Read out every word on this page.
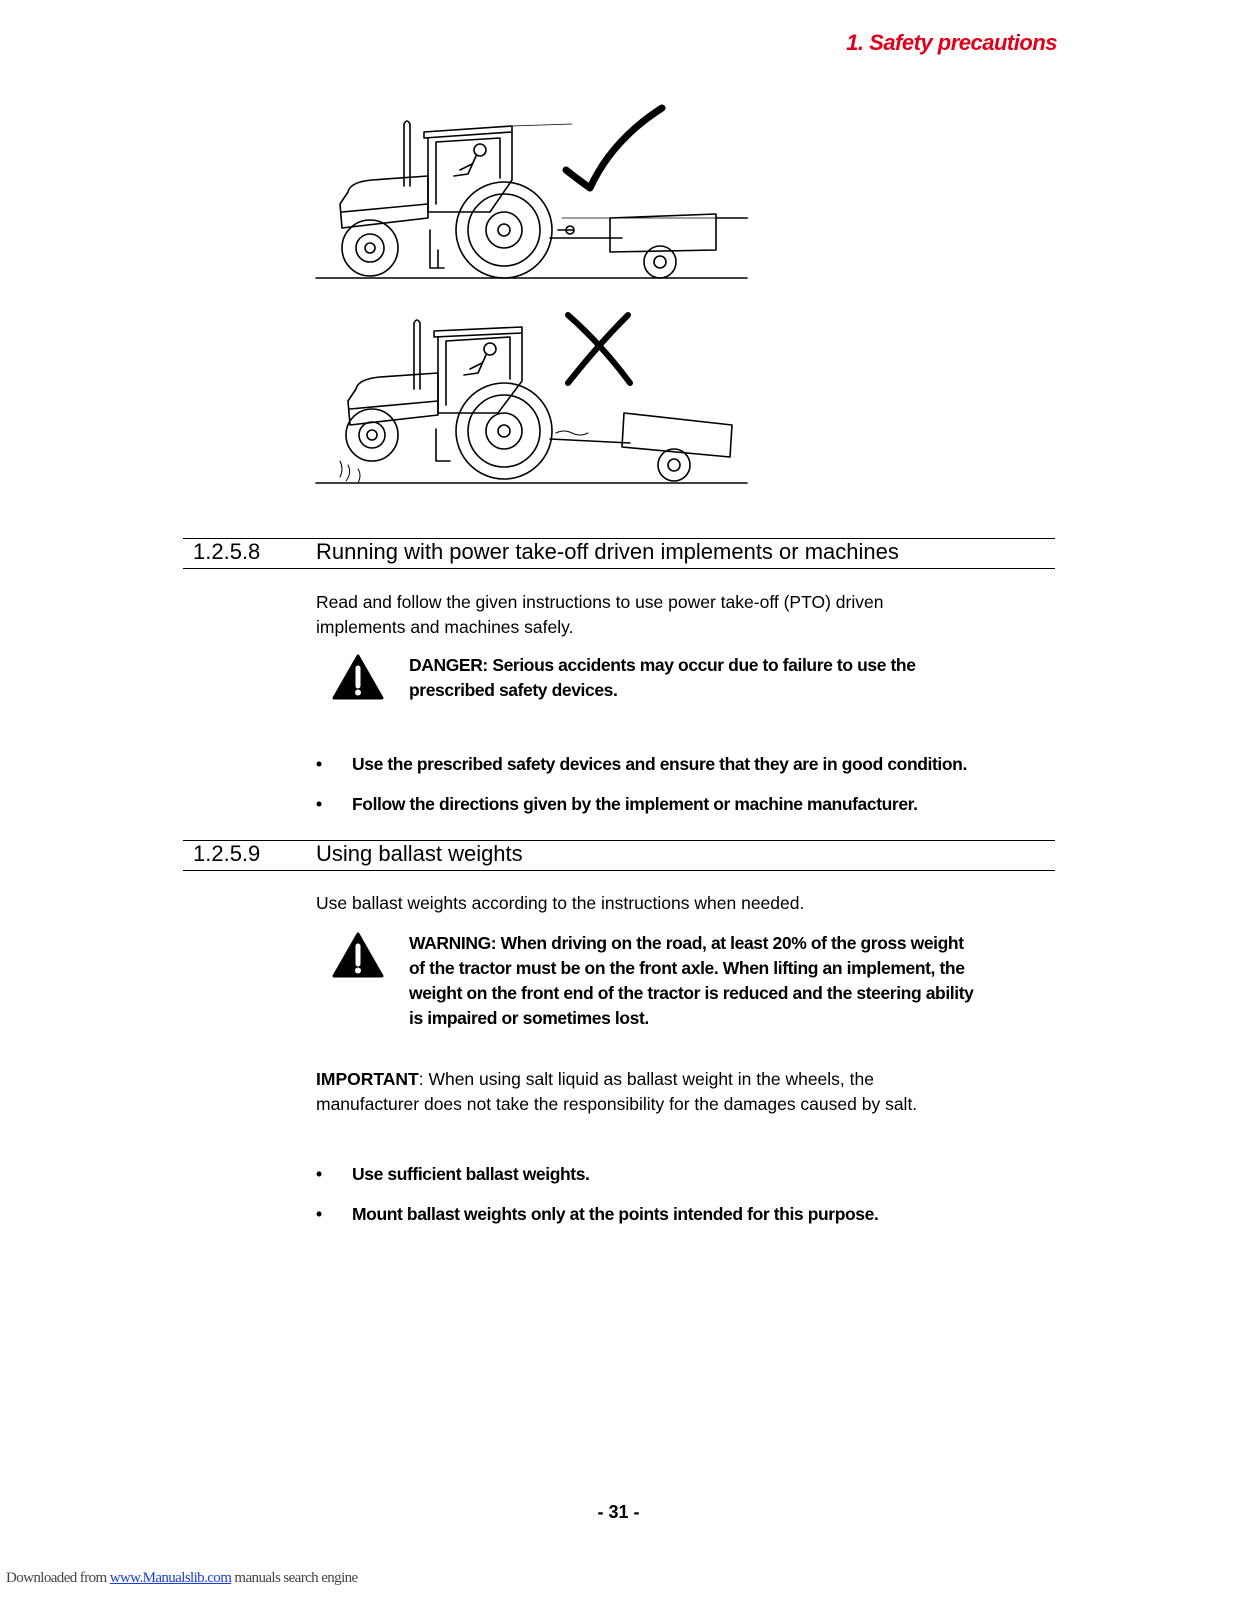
1. Safety precautions
1.2.5.8	Running with power take-off driven implements or machines
Read and follow the given instructions to use power take-off (PTO) driven
implements and machines safely.
DANGER: Serious accidents may occur due to failure to use the
prescribed safety devices.
• Use the prescribed safety devices and ensure that they are in good condition.
• Follow the directions given by the implement or machine manufacturer.
1.2.5.9	Using ballast weights
Use ballast weights according to the instructions when needed.
WARNING: When driving on the road, at least 20% of the gross weight
of the tractor must be on the front axle. When lifting an implement, the
weight on the front end of the tractor is reduced and the steering ability
is impaired or sometimes lost.
IMPORTANT: When using salt liquid as ballast weight in the wheels, the
manufacturer does not take the responsibility for the damages caused by salt.
• Use sufficient ballast weights.
• Mount ballast weights only at the points intended for this purpose.
- 31 -
Downloaded from www.Manualslib.com manuals search engine
